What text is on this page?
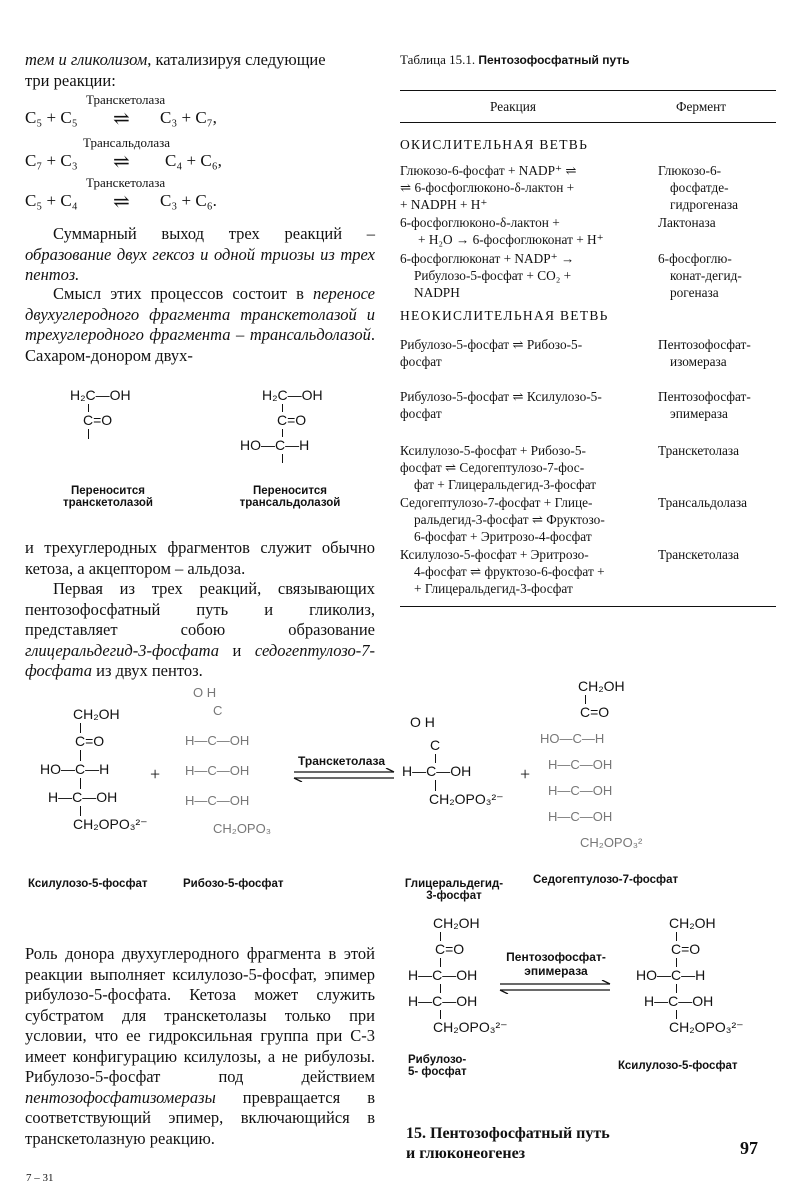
тем и гликолизом, катализируя следующие
три реакции:
Транскетолаза
C₅ + C₅ ⇌ C₃ + C₇,
Трансальдолаза
C₇ + C₃ ⇌ C₄ + C₆,
Транскетолаза
C₅ + C₄ ⇌ C₃ + C₆.
Суммарный выход трех реакций – образование двух гексоз и одной триозы из трех пентоз.
Смысл этих процессов состоит в переносе двухуглеродного фрагмента транскетолазой и трехуглеродного фрагмента – трансальдолазой. Сахаром-донором двух-
H₂C—OH
C=O
Переносится
транскетолазой
H₂C—OH
C=O
HO—C—H
Переносится
трансальдолазой
и трехуглеродных фрагментов служит обычно кетоза, а акцептором – альдоза.
Первая из трех реакций, связывающих пентозофосфатный путь и гликолиз, представляет собою образование глицеральдегид-3-фосфата и седогептулозо-7-фосфата из двух пентоз.
Таблица 15.1. Пентозофосфатный путь
Реакция	Фермент
ОКИСЛИТЕЛЬНАЯ ВЕТВЬ
Глюкозо-6-фосфат + NADP⁺ ⇌
⇌ 6-фосфоглюконо-δ-лактон +
+ NADPH + H⁺
Глюкозо-6-
фосфатде-
гидрогеназа
6-фосфоглюконо-δ-лактон +
+ H₂O → 6-фосфоглюконат + H⁺
Лактоназа
6-фосфоглюконат + NADP⁺ →
Рибулозо-5-фосфат + CO₂ +
NADPH
6-фосфоглю-
конат-дегид-
рогеназа
НЕОКИСЛИТЕЛЬНАЯ ВЕТВЬ
Рибулозо-5-фосфат ⇌ Рибозо-5-
фосфат
Пентозофосфат-
изомераза
Рибулозо-5-фосфат ⇌ Ксилулозо-5-
фосфат
Пентозофосфат-
эпимераза
Ксилулозо-5-фосфат + Рибозо-5-
фосфат ⇌ Седогептулозо-7-фос-
фат + Глицеральдегид-3-фосфат
Транскетолаза
Седогептулозо-7-фосфат + Глице-
ральдегид-3-фосфат ⇌ Фруктозо-
6-фосфат + Эритрозо-4-фосфат
Трансальдолаза
Ксилулозо-5-фосфат + Эритрозо-
4-фосфат ⇌ фруктозо-6-фосфат +
+ Глицеральдегид-3-фосфат
Транскетолаза
CH₂OH
C=O
HO—C—H
H—C—OH
CH₂OPO₃²⁻
Ксилулозо-5-фосфат
+
O H
C
H—C—OH
H—C—OH
H—C—OH
CH₂OPO₃
Рибозо-5-фосфат
Транскетолаза
O H
C
H—C—OH
CH₂OPO₃²⁻
Глицеральдегид-
3-фосфат
+
CH₂OH
C=O
HO—C—H
H—C—OH
H—C—OH
H—C—OH
CH₂OPO₃²
Седогептулозо-7-фосфат
Роль донора двухуглеродного фрагмента в этой реакции выполняет ксилулозо-5-фосфат, эпимер рибулозо-5-фосфата. Кетоза может служить субстратом для транскетолазы только при условии, что ее гидроксильная группа при C-3 имеет конфигурацию ксилулозы, а не рибулозы. Рибулозо-5-фосфат под действием пентозофосфатизомеразы превращается в соответствующий эпимер, включающийся в транскетолазную реакцию.
CH₂OH
C=O
H—C—OH
H—C—OH
CH₂OPO₃²⁻
Рибулозо-
5- фосфат
Пентозофосфат-
эпимераза
CH₂OH
C=O
HO—C—H
H—C—OH
CH₂OPO₃²⁻
Ксилулозо-5-фосфат
15. Пентозофосфатный путь
и глюконеогенез	97
7 – 31
